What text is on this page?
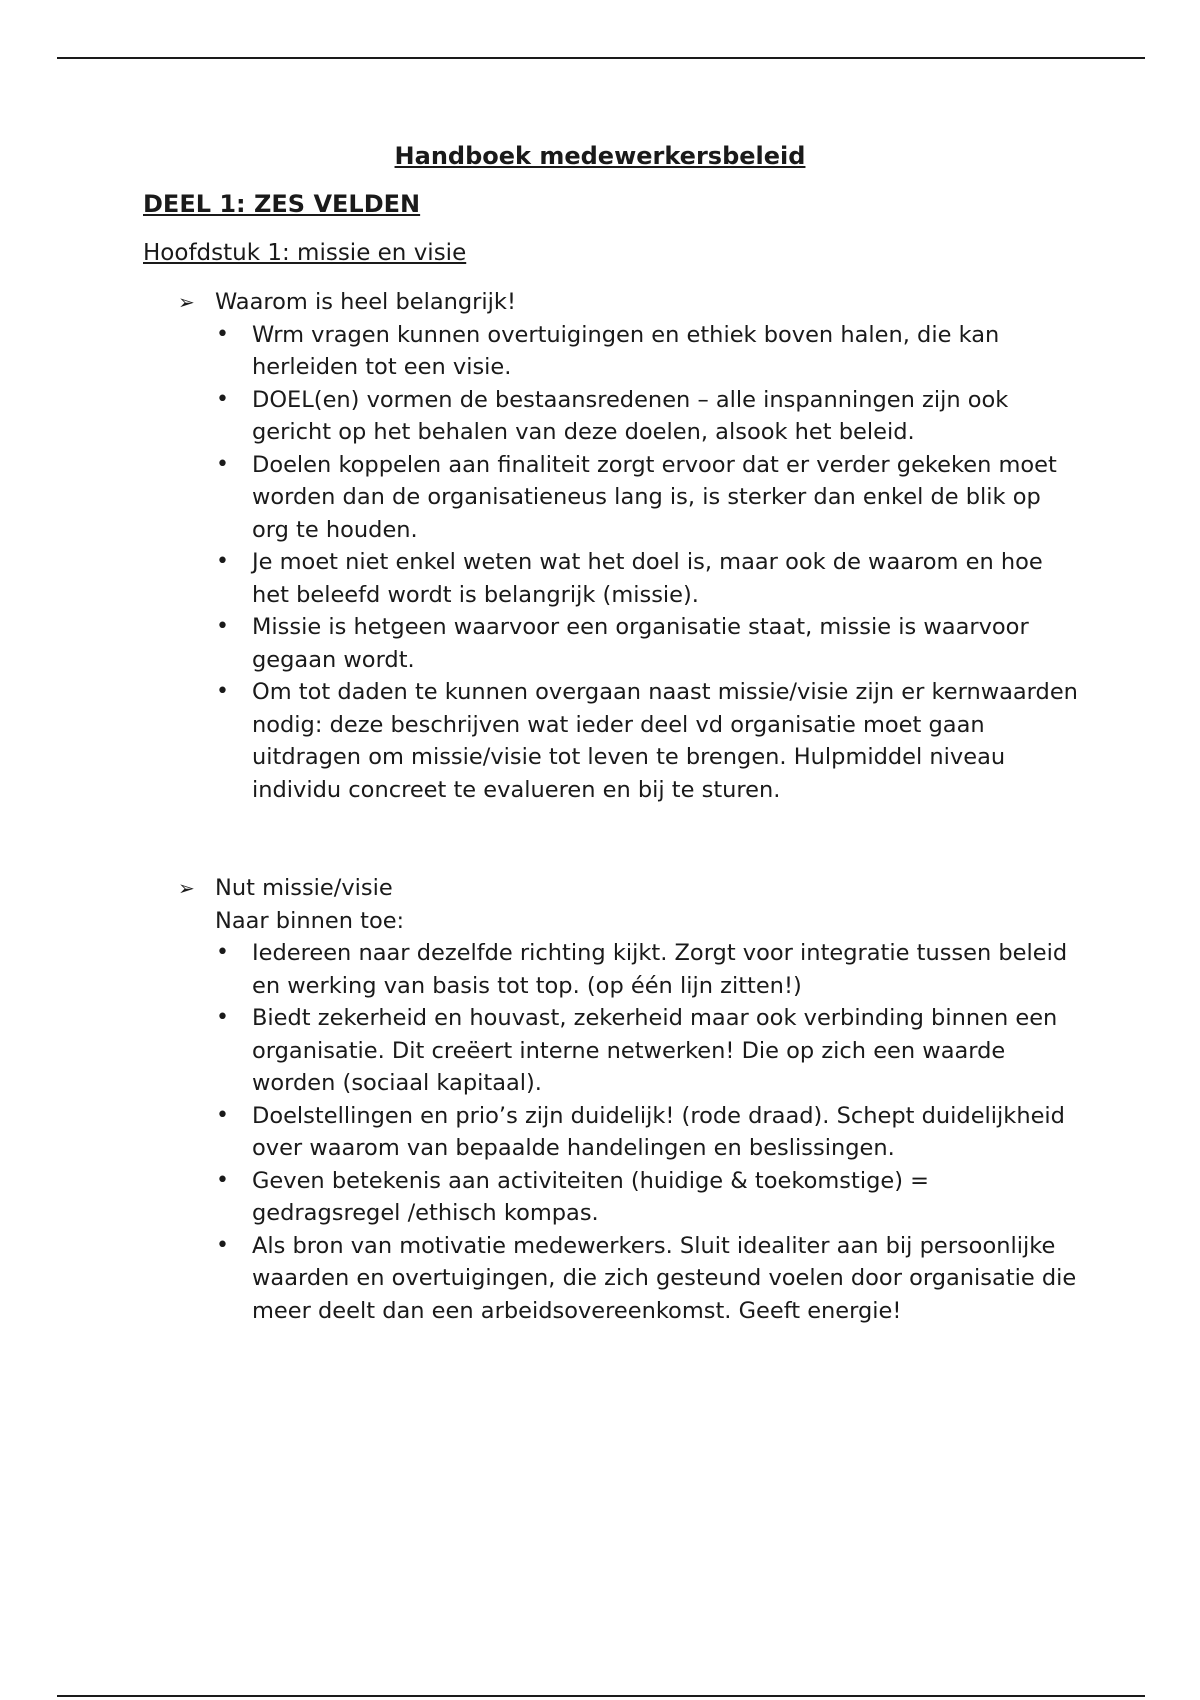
Handboek medewerkersbeleid
DEEL 1: ZES VELDEN
Hoofdstuk 1: missie en visie
➢ Waarom is heel belangrijk!
• Wrm vragen kunnen overtuigingen en ethiek boven halen, die kan herleiden tot een visie.
• DOEL(en) vormen de bestaansredenen – alle inspanningen zijn ook gericht op het behalen van deze doelen, alsook het beleid.
• Doelen koppelen aan finaliteit zorgt ervoor dat er verder gekeken moet worden dan de organisatieneus lang is, is sterker dan enkel de blik op org te houden.
• Je moet niet enkel weten wat het doel is, maar ook de waarom en hoe het beleefd wordt is belangrijk (missie).
• Missie is hetgeen waarvoor een organisatie staat, missie is waarvoor gegaan wordt.
• Om tot daden te kunnen overgaan naast missie/visie zijn er kernwaarden nodig: deze beschrijven wat ieder deel vd organisatie moet gaan uitdragen om missie/visie tot leven te brengen. Hulpmiddel niveau individu concreet te evalueren en bij te sturen.
➢ Nut missie/visie
Naar binnen toe:
• Iedereen naar dezelfde richting kijkt. Zorgt voor integratie tussen beleid en werking van basis tot top. (op één lijn zitten!)
• Biedt zekerheid en houvast, zekerheid maar ook verbinding binnen een organisatie. Dit creëert interne netwerken! Die op zich een waarde worden (sociaal kapitaal).
• Doelstellingen en prio’s zijn duidelijk! (rode draad). Schept duidelijkheid over waarom van bepaalde handelingen en beslissingen.
• Geven betekenis aan activiteiten (huidige & toekomstige) = gedragsregel /ethisch kompas.
• Als bron van motivatie medewerkers. Sluit idealiter aan bij persoonlijke waarden en overtuigingen, die zich gesteund voelen door organisatie die meer deelt dan een arbeidsovereenkomst. Geeft energie!
